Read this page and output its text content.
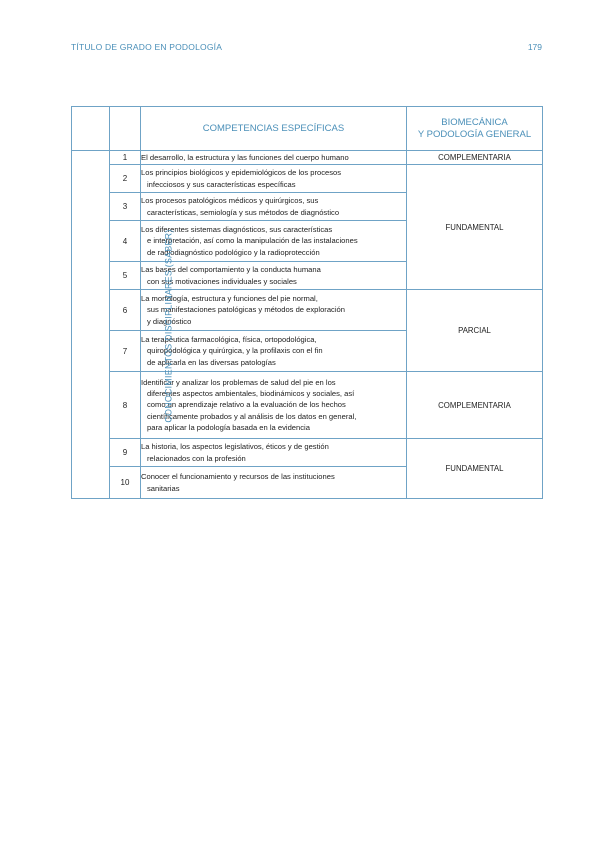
TÍTULO DE GRADO EN PODOLOGÍA	179
		COMPETENCIAS ESPECÍFICAS	BIOMECÁNICA
Y PODOLOGÍA GENERAL
CONOCIMIENTOS DISCIPLINARES (SABER)	1	El desarrollo, la estructura y las funciones del cuerpo humano	COMPLEMENTARIA
	2	Los principios biológicos y epidemiológicos de los procesos
infecciosos y sus características específicas	FUNDAMENTAL
	3	Los procesos patológicos médicos y quirúrgicos, sus
características, semiología y sus métodos de diagnóstico	

	4	Los diferentes sistemas diagnósticos, sus características
e interpretación, así como la manipulación de las instalaciones
de radiodiagnóstico podológico y la radioprotección	

	5	Las bases del comportamiento y la conducta humana
con sus motivaciones individuales y sociales	

	6	La morfología, estructura y funciones del pie normal,
sus manifestaciones patológicas y métodos de exploración
y diagnóstico	PARCIAL
	7	La terapéutica farmacológica, física, ortopodológica,
quiropodológica y quirúrgica, y la profilaxis con el fin
de aplicarla en las diversas patologías	

	8	Identificar y analizar los problemas de salud del pie en los
diferentes aspectos ambientales, biodinámicos y sociales, así
como un aprendizaje relativo a la evaluación de los hechos
científicamente probados y al análisis de los datos en general,
para aplicar la podología basada en la evidencia	COMPLEMENTARIA
	9	La historia, los aspectos legislativos, éticos y de gestión
relacionados con la profesión	FUNDAMENTAL
	10	Conocer el funcionamiento y recursos de las instituciones
sanitarias	
